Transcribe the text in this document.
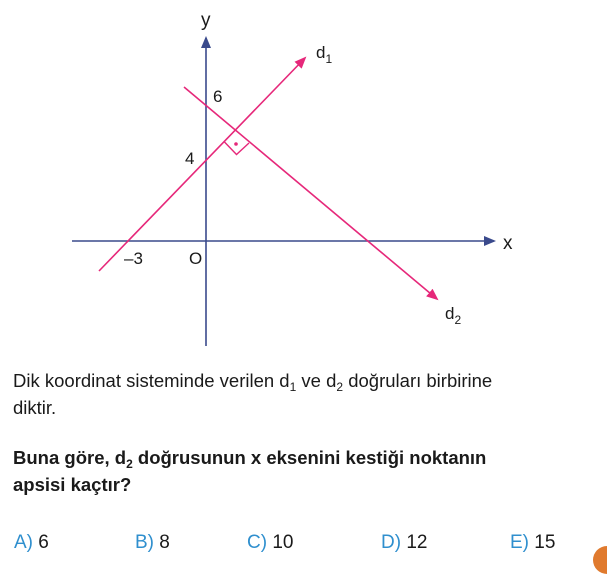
y
x
O
–3
4
6
$d_1$
$d_2$
Dik koordinat sisteminde verilen $d_1$ ve $d_2$ doğruları birbirine
diktir.
Buna göre, $d_2$ doğrusunun x eksenini kestiği noktanın
apsisi kaçtır?
A) 6	B) 8	C) 10	D) 12	E) 15
